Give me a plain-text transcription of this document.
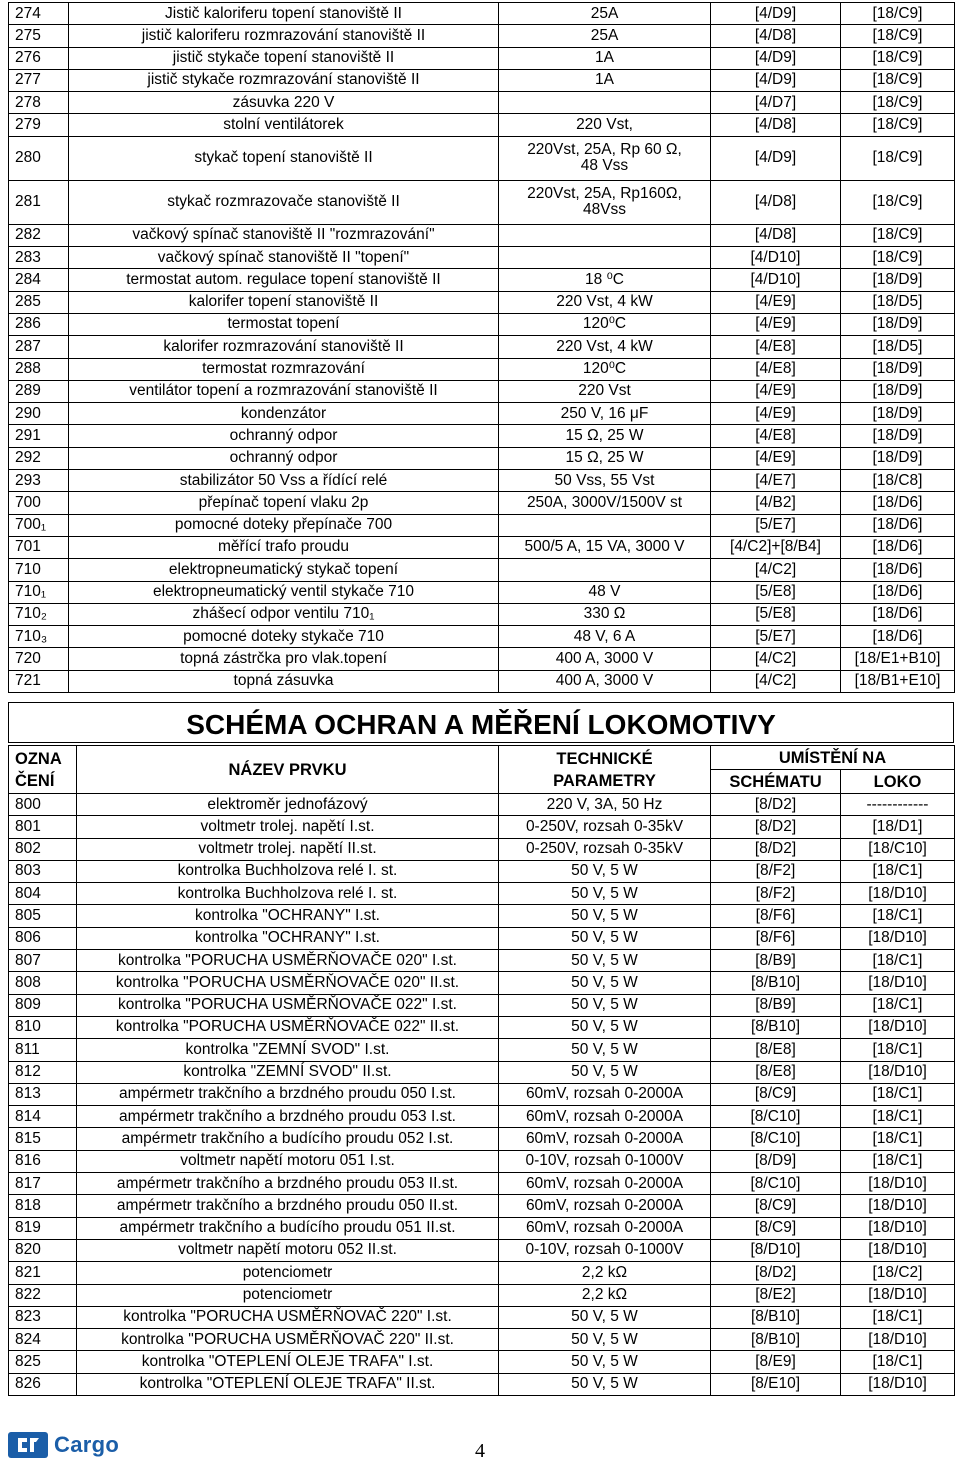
274	Jistič kaloriferu topení stanoviště II	25A	[4/D9]	[18/C9]
275	jistič kaloriferu rozmrazování stanoviště II	25A	[4/D8]	[18/C9]
276	jistič stykače topení stanoviště II	1A	[4/D9]	[18/C9]
277	jistič stykače rozmrazování stanoviště II	1A	[4/D9]	[18/C9]
278	zásuvka 220 V		[4/D7]	[18/C9]
279	stolní ventilátorek	220 Vst,	[4/D8]	[18/C9]
280	stykač topení stanoviště II	220Vst, 25A, Rp 60 Ω,
48 Vss	[4/D9]	[18/C9]
281	stykač rozmrazovače stanoviště II	220Vst, 25A, Rp160Ω,
48Vss	[4/D8]	[18/C9]
282	vačkový spínač stanoviště II "rozmrazování"		[4/D8]	[18/C9]
283	vačkový spínač stanoviště II "topení"		[4/D10]	[18/C9]
284	termostat autom. regulace topení stanoviště II	18 ⁰C	[4/D10]	[18/D9]
285	kalorifer topení stanoviště II	220 Vst, 4 kW	[4/E9]	[18/D5]
286	termostat topení	120⁰C	[4/E9]	[18/D9]
287	kalorifer rozmrazování stanoviště II	220 Vst, 4 kW	[4/E8]	[18/D5]
288	termostat rozmrazování	120⁰C	[4/E8]	[18/D9]
289	ventilátor topení a rozmrazování stanoviště II	220 Vst	[4/E9]	[18/D9]
290	kondenzátor	250 V, 16 μF	[4/E9]	[18/D9]
291	ochranný odpor	15 Ω, 25 W	[4/E8]	[18/D9]
292	ochranný odpor	15 Ω, 25 W	[4/E9]	[18/D9]
293	stabilizátor 50 Vss a řídící relé	50 Vss, 55 Vst	[4/E7]	[18/C8]
700	přepínač topení vlaku 2p	250A, 3000V/1500V st	[4/B2]	[18/D6]
700₁	pomocné doteky přepínače 700		[5/E7]	[18/D6]
701	měřící trafo proudu	500/5 A, 15 VA, 3000 V	[4/C2]+[8/B4]	[18/D6]
710	elektropneumatický stykač topení		[4/C2]	[18/D6]
710₁	elektropneumatický ventil stykače 710	48 V	[5/E8]	[18/D6]
710₂	zhášecí odpor ventilu 710₁	330 Ω	[5/E8]	[18/D6]
710₃	pomocné doteky stykače 710	48 V, 6 A	[5/E7]	[18/D6]
720	topná zástrčka pro vlak.topení	400 A, 3000 V	[4/C2]	[18/E1+B10]
721	topná zásuvka	400 A, 3000 V	[4/C2]	[18/B1+E10]
SCHÉMA OCHRAN A MĚŘENÍ LOKOMOTIVY
OZNA
ČENÍ	NÁZEV PRVKU	TECHNICKÉ
PARAMETRY	UMÍSTĚNÍ NA	
			SCHÉMATU	LOKO
800	elektroměr jednofázový	220 V, 3A, 50 Hz	[8/D2]	------------
801	voltmetr trolej. napětí I.st.	0-250V, rozsah 0-35kV	[8/D2]	[18/D1]
802	voltmetr trolej. napětí II.st.	0-250V, rozsah 0-35kV	[8/D2]	[18/C10]
803	kontrolka Buchholzova relé I. st.	50 V, 5 W	[8/F2]	[18/C1]
804	kontrolka Buchholzova relé I. st.	50 V, 5 W	[8/F2]	[18/D10]
805	kontrolka "OCHRANY" I.st.	50 V, 5 W	[8/F6]	[18/C1]
806	kontrolka "OCHRANY" I.st.	50 V, 5 W	[8/F6]	[18/D10]
807	kontrolka "PORUCHA USMĚRŇOVAČE 020" I.st.	50 V, 5 W	[8/B9]	[18/C1]
808	kontrolka "PORUCHA USMĚRŇOVAČE 020" II.st.	50 V, 5 W	[8/B10]	[18/D10]
809	kontrolka "PORUCHA USMĚRŇOVAČE 022" I.st.	50 V, 5 W	[8/B9]	[18/C1]
810	kontrolka "PORUCHA USMĚRŇOVAČE 022" II.st.	50 V, 5 W	[8/B10]	[18/D10]
811	kontrolka "ZEMNÍ SVOD" I.st.	50 V, 5 W	[8/E8]	[18/C1]
812	kontrolka "ZEMNÍ SVOD" II.st.	50 V, 5 W	[8/E8]	[18/D10]
813	ampérmetr trakčního a brzdného proudu 050 I.st.	60mV, rozsah 0-2000A	[8/C9]	[18/C1]
814	ampérmetr trakčního a brzdného proudu 053 I.st.	60mV, rozsah 0-2000A	[8/C10]	[18/C1]
815	ampérmetr trakčního a budícího proudu 052 I.st.	60mV, rozsah 0-2000A	[8/C10]	[18/C1]
816	voltmetr napětí motoru 051 I.st.	0-10V, rozsah 0-1000V	[8/D9]	[18/C1]
817	ampérmetr trakčního a brzdného proudu 053 II.st.	60mV, rozsah 0-2000A	[8/C10]	[18/D10]
818	ampérmetr trakčního a brzdného proudu 050 II.st.	60mV, rozsah 0-2000A	[8/C9]	[18/D10]
819	ampérmetr trakčního a budícího proudu 051 II.st.	60mV, rozsah 0-2000A	[8/C9]	[18/D10]
820	voltmetr napětí motoru 052 II.st.	0-10V, rozsah 0-1000V	[8/D10]	[18/D10]
821	potenciometr	2,2 kΩ	[8/D2]	[18/C2]
822	potenciometr	2,2 kΩ	[8/E2]	[18/D10]
823	kontrolka "PORUCHA USMĚRŇOVAČ 220" I.st.	50 V, 5 W	[8/B10]	[18/C1]
824	kontrolka "PORUCHA USMĚRŇOVAČ 220" II.st.	50 V, 5 W	[8/B10]	[18/D10]
825	kontrolka "OTEPLENÍ OLEJE TRAFA" I.st.	50 V, 5 W	[8/E9]	[18/C1]
826	kontrolka "OTEPLENÍ OLEJE TRAFA" II.st.	50 V, 5 W	[8/E10]	[18/D10]
Cargo	4
